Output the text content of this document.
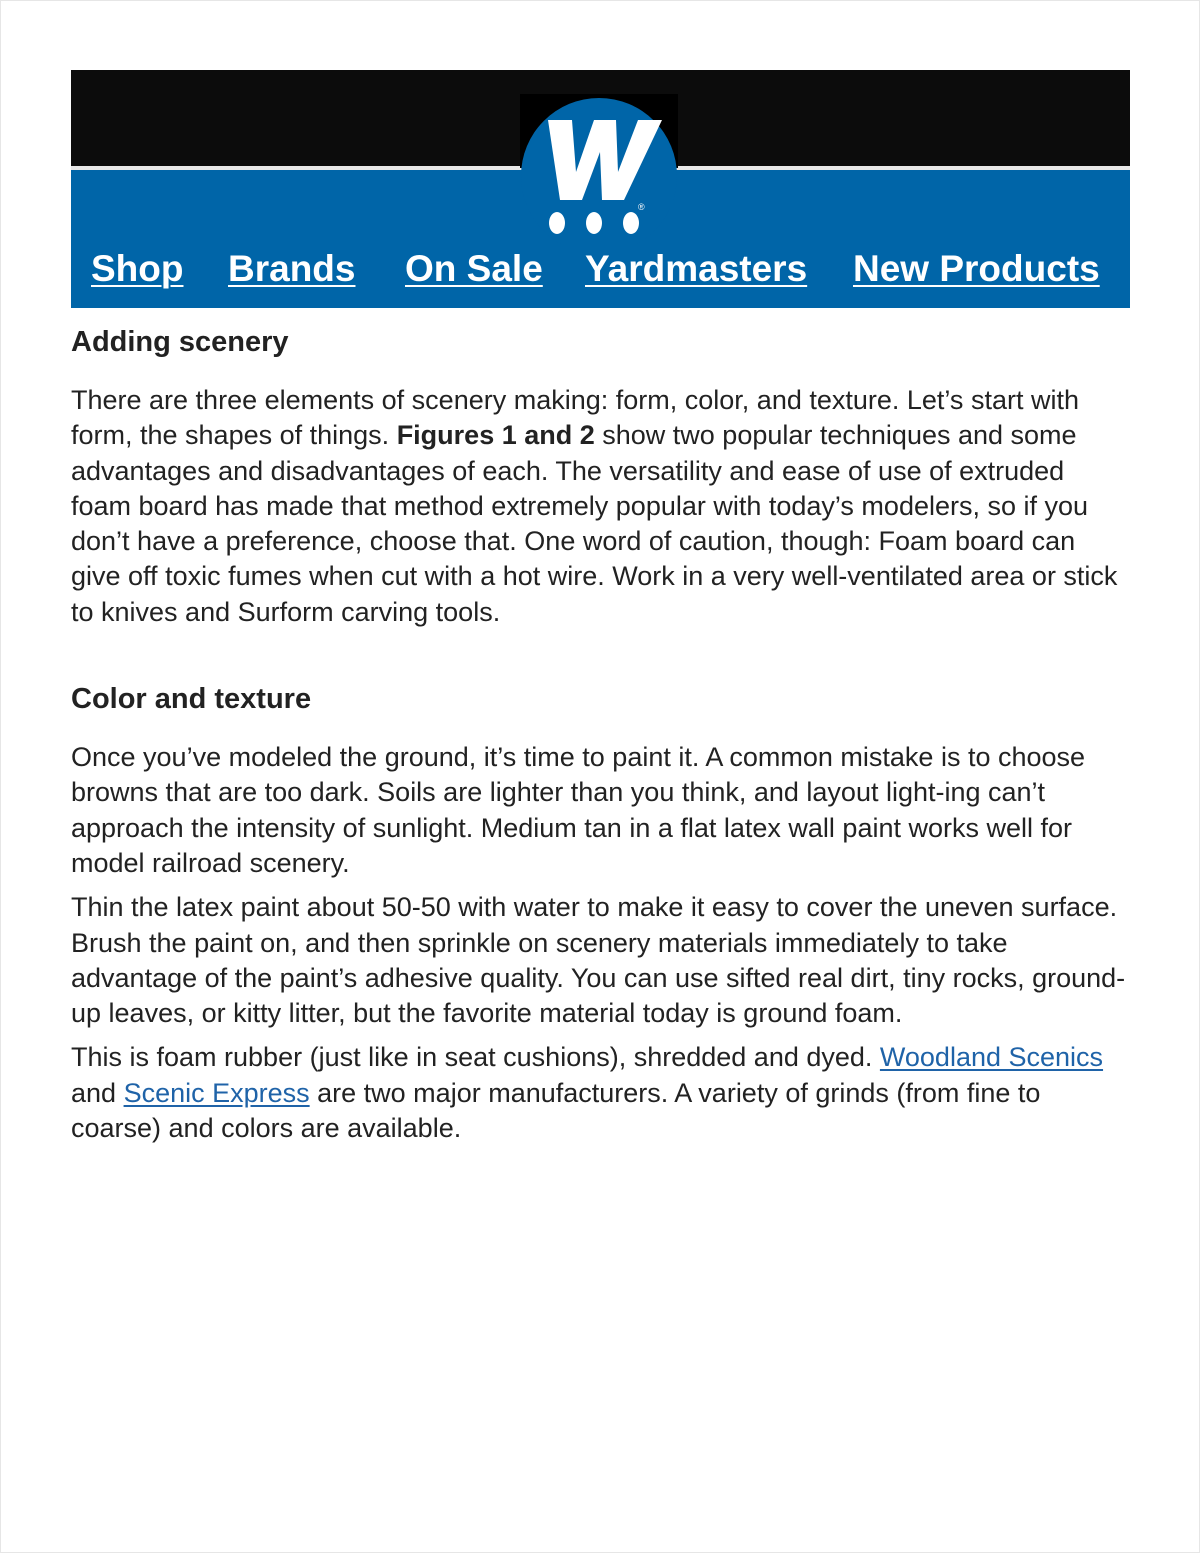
®
Shop Brands On Sale Yardmasters New Products
Adding scenery

There are three elements of scenery making: form, color, and texture. Let’s start with form, the shapes of things. Figures 1 and 2 show two popular techniques and some advantages and disadvantages of each. The versatility and ease of use of extruded foam board has made that method extremely popular with today’s modelers, so if you don’t have a preference, choose that. One word of caution, though: Foam board can give off toxic fumes when cut with a hot wire. Work in a very well-ventilated area or stick to knives and Surform carving tools.

Color and texture

Once you’ve modeled the ground, it’s time to paint it. A common mistake is to choose browns that are too dark. Soils are lighter than you think, and layout light-ing can’t approach the intensity of sunlight. Medium tan in a flat latex wall paint works well for model railroad scenery.

Thin the latex paint about 50-50 with water to make it easy to cover the uneven surface. Brush the paint on, and then sprinkle on scenery materials immediately to take advantage of the paint’s adhesive quality. You can use sifted real dirt, tiny rocks, ground-up leaves, or kitty litter, but the favorite material today is ground foam.

This is foam rubber (just like in seat cushions), shredded and dyed. Woodland Scenics and Scenic Express are two major manufacturers. A variety of grinds (from fine to coarse) and colors are available.
